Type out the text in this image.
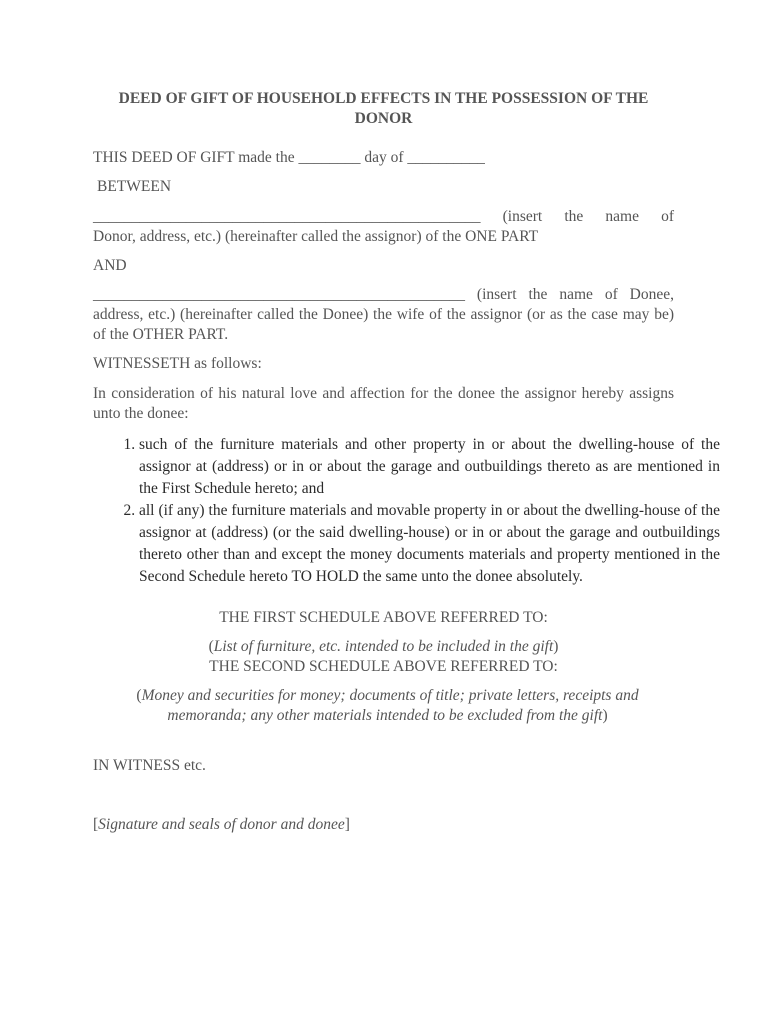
DEED OF GIFT OF HOUSEHOLD EFFECTS IN THE POSSESSION OF THE DONOR

THIS DEED OF GIFT made the ________ day of __________

BETWEEN

__________________________________________________ (insert the name of

Donor, address, etc.) (hereinafter called the assignor) of the ONE PART

AND

________________________________________________ (insert the name of Donee, address, etc.) (hereinafter called the Donee) the wife of the assignor (or as the case may be) of the OTHER PART.

WITNESSETH as follows:

In consideration of his natural love and affection for the donee the assignor hereby assigns unto the donee:

1. such of the furniture materials and other property in or about the dwelling-house of the assignor at (address) or in or about the garage and outbuildings thereto as are mentioned in the First Schedule hereto; and
2. all (if any) the furniture materials and movable property in or about the dwelling-house of the assignor at (address) (or the said dwelling-house) or in or about the garage and outbuildings thereto other than and except the money documents materials and property mentioned in the Second Schedule hereto TO HOLD the same unto the donee absolutely.

THE FIRST SCHEDULE ABOVE REFERRED TO:

(List of furniture, etc. intended to be included in the gift)

THE SECOND SCHEDULE ABOVE REFERRED TO:

(Money and securities for money; documents of title; private letters, receipts and memoranda; any other materials intended to be excluded from the gift)

IN WITNESS etc.

[Signature and seals of donor and donee]
